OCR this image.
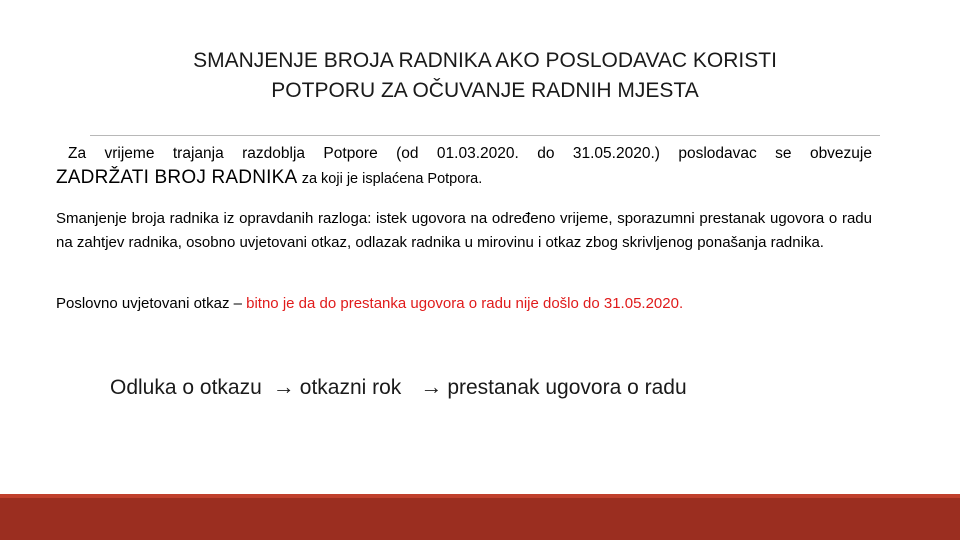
SMANJENJE BROJA RADNIKA AKO POSLODAVAC KORISTI
POTPORU ZA OČUVANJE RADNIH MJESTA
Za vrijeme trajanja razdoblja Potpore (od 01.03.2020. do 31.05.2020.) poslodavac se obvezuje
ZADRŽATI BROJ RADNIKA za koji je isplaćena Potpora.
Smanjenje broja radnika iz opravdanih razloga: istek ugovora na određeno vrijeme, sporazumni prestanak ugovora o radu na zahtjev radnika, osobno uvjetovani otkaz, odlazak radnika u mirovinu i otkaz zbog skrivljenog ponašanja radnika.
Poslovno uvjetovani otkaz – bitno je da do prestanka ugovora o radu nije došlo do 31.05.2020.
Odluka o otkazu → otkazni rok → prestanak ugovora o radu
